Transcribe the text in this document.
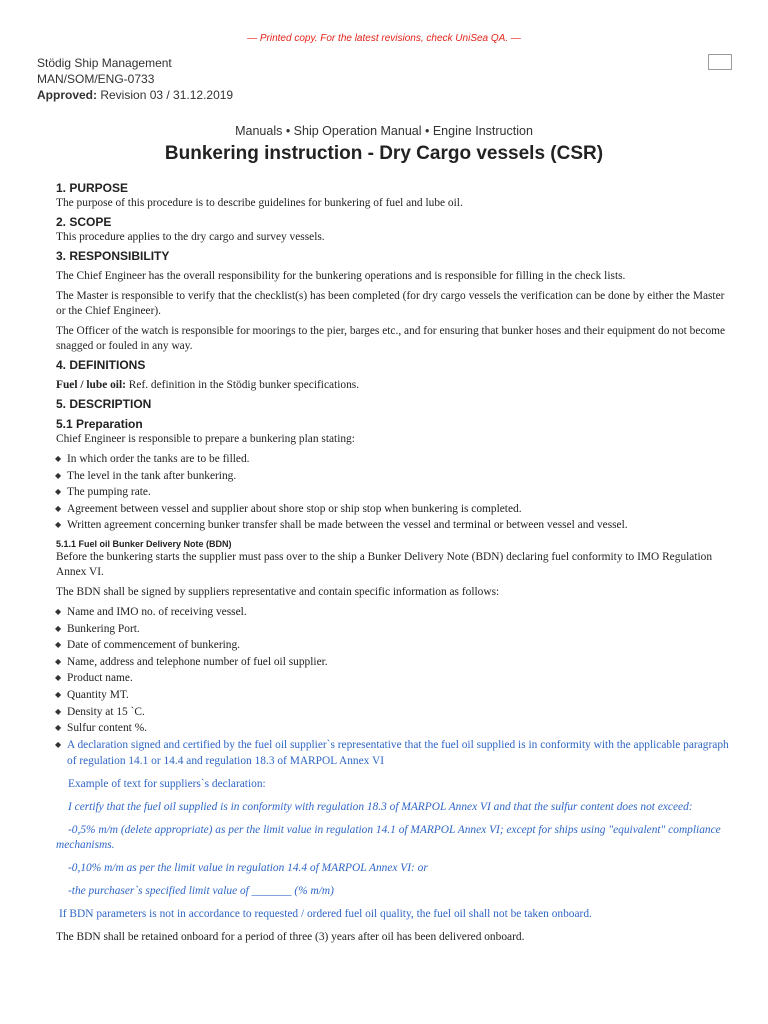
— Printed copy. For the latest revisions, check UniSea QA. —
Stödig Ship Management
MAN/SOM/ENG-0733
Approved: Revision 03 / 31.12.2019
Manuals • Ship Operation Manual • Engine Instruction
Bunkering instruction - Dry Cargo vessels (CSR)
1. PURPOSE

The purpose of this procedure is to describe guidelines for bunkering of fuel and lube oil.

2. SCOPE

This procedure applies to the dry cargo and survey vessels.

3. RESPONSIBILITY

The Chief Engineer has the overall responsibility for the bunkering operations and is responsible for filling in the check lists.

The Master is responsible to verify that the checklist(s) has been completed (for dry cargo vessels the verification can be done by either the Master or the Chief Engineer).

The Officer of the watch is responsible for moorings to the pier, barges etc., and for ensuring that bunker hoses and their equipment do not become snagged or fouled in any way.

4. DEFINITIONS

Fuel / lube oil: Ref. definition in the Stödig bunker specifications.

5. DESCRIPTION
5.1 Preparation

Chief Engineer is responsible to prepare a bunkering plan stating:

◆ In which order the tanks are to be filled.
◆ The level in the tank after bunkering.
◆ The pumping rate.
◆ Agreement between vessel and supplier about shore stop or ship stop when bunkering is completed.
◆ Written agreement concerning bunker transfer shall be made between the vessel and terminal or between vessel and vessel.
5.1.1 Fuel oil Bunker Delivery Note (BDN)

Before the bunkering starts the supplier must pass over to the ship a Bunker Delivery Note (BDN) declaring fuel conformity to IMO Regulation Annex VI.

The BDN shall be signed by suppliers representative and contain specific information as follows:

◆ Name and IMO no. of receiving vessel.
◆ Bunkering Port.
◆ Date of commencement of bunkering.
◆ Name, address and telephone number of fuel oil supplier.
◆ Product name.
◆ Quantity MT.
◆ Density at 15 `C.
◆ Sulfur content %.
◆ A declaration signed and certified by the fuel oil supplier`s representative that the fuel oil supplied is in conformity with the applicable paragraph of regulation 14.1 or 14.4 and regulation 18.3 of MARPOL Annex VI

Example of text for suppliers`s declaration:

I certify that the fuel oil supplied is in conformity with regulation 18.3 of MARPOL Annex VI and that the sulfur content does not exceed:

-0,5% m/m (delete appropriate) as per the limit value in regulation 14.1 of MARPOL Annex VI; except for ships using "equivalent" compliance mechanisms.

-0,10% m/m as per the limit value in regulation 14.4 of MARPOL Annex VI: or

-the purchaser`s specified limit value of _______ (% m/m)

If BDN parameters is not in accordance to requested / ordered fuel oil quality, the fuel oil shall not be taken onboard.

The BDN shall be retained onboard for a period of three (3) years after oil has been delivered onboard.
